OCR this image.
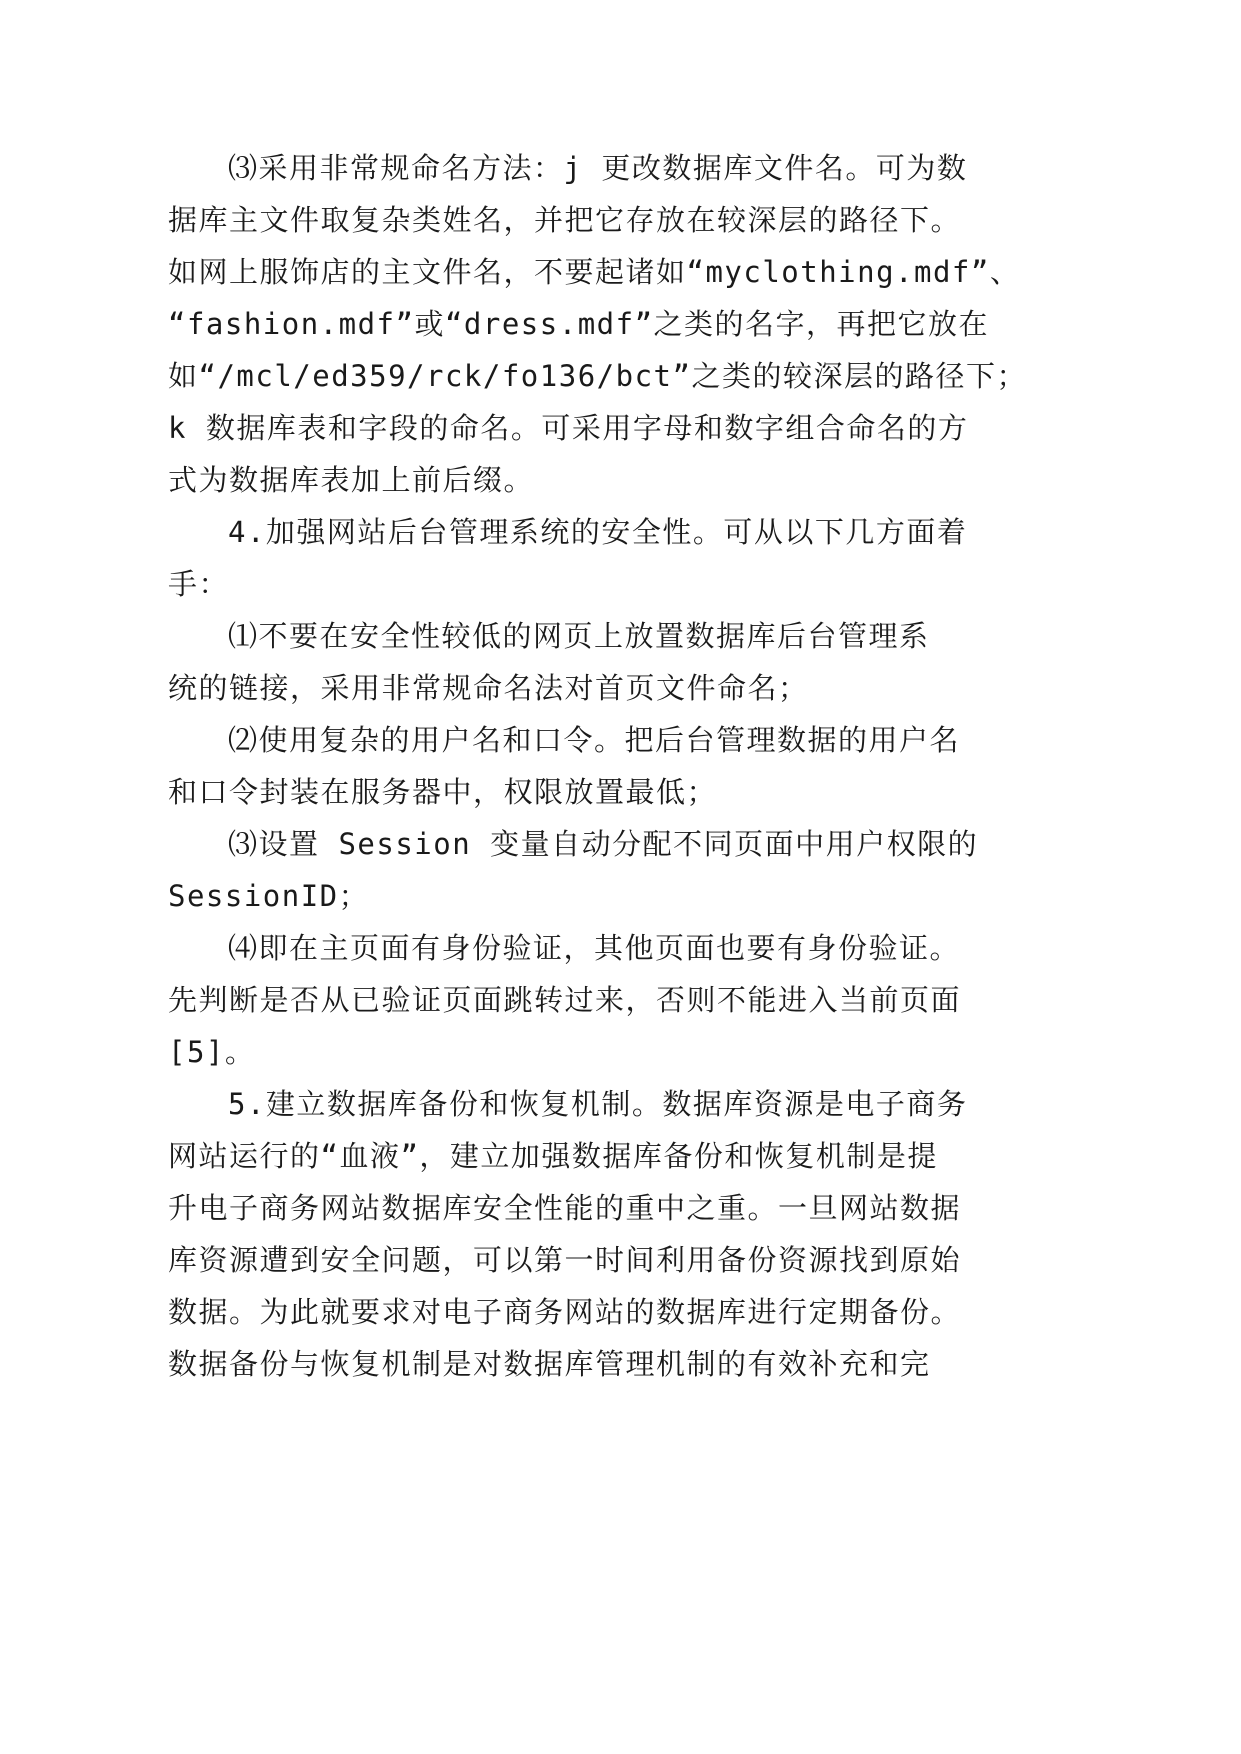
⑶采用非常规命名方法：j 更改数据库文件名。可为数

据库主文件取复杂类姓名，并把它存放在较深层的路径下。

如网上服饰店的主文件名，不要起诸如“myclothing.mdf”、

“fashion.mdf”或“dress.mdf”之类的名字，再把它放在

如“/mcl/ed359/rck/fo136/bct”之类的较深层的路径下；

k 数据库表和字段的命名。可采用字母和数字组合命名的方

式为数据库表加上前后缀。

4.加强网站后台管理系统的安全性。可从以下几方面着

手：

⑴不要在安全性较低的网页上放置数据库后台管理系

统的链接，采用非常规命名法对首页文件命名；

⑵使用复杂的用户名和口令。把后台管理数据的用户名

和口令封装在服务器中，权限放置最低；

⑶设置 Session 变量自动分配不同页面中用户权限的

SessionID；

⑷即在主页面有身份验证，其他页面也要有身份验证。

先判断是否从已验证页面跳转过来，否则不能进入当前页面

[5]。

5.建立数据库备份和恢复机制。数据库资源是电子商务

网站运行的“血液”，建立加强数据库备份和恢复机制是提

升电子商务网站数据库安全性能的重中之重。一旦网站数据

库资源遭到安全问题，可以第一时间利用备份资源找到原始

数据。为此就要求对电子商务网站的数据库进行定期备份。

数据备份与恢复机制是对数据库管理机制的有效补充和完
